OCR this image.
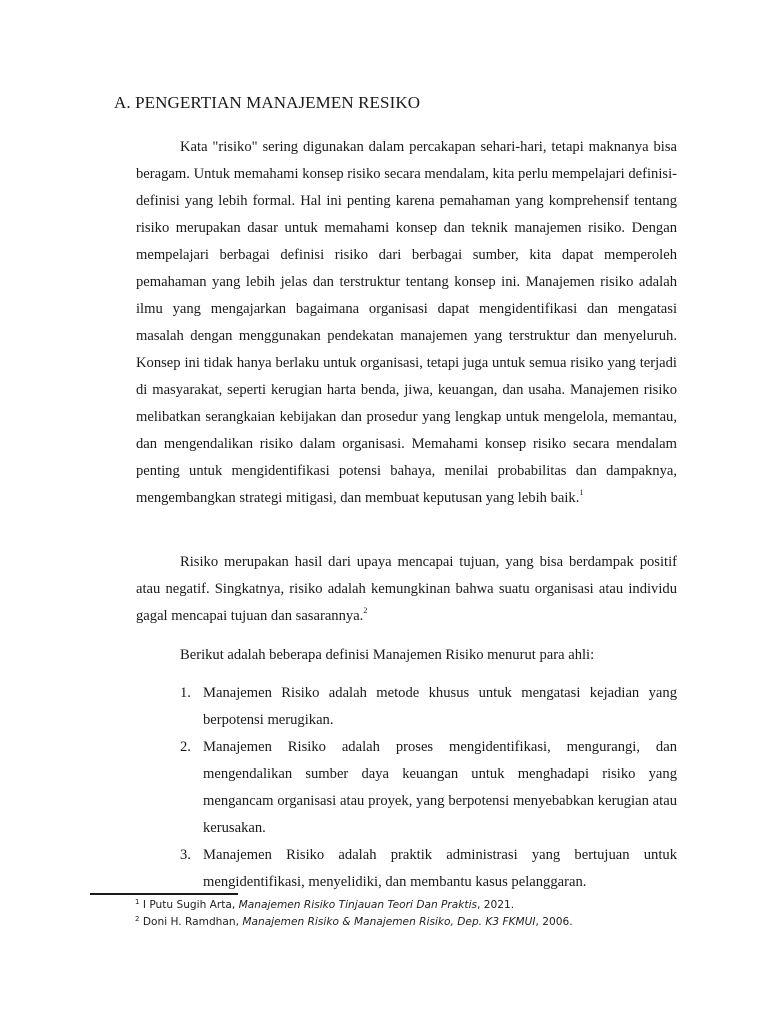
A. PENGERTIAN MANAJEMEN RESIKO

Kata "risiko" sering digunakan dalam percakapan sehari-hari, tetapi maknanya bisa beragam. Untuk memahami konsep risiko secara mendalam, kita perlu mempelajari definisi-definisi yang lebih formal. Hal ini penting karena pemahaman yang komprehensif tentang risiko merupakan dasar untuk memahami konsep dan teknik manajemen risiko. Dengan mempelajari berbagai definisi risiko dari berbagai sumber, kita dapat memperoleh pemahaman yang lebih jelas dan terstruktur tentang konsep ini. Manajemen risiko adalah ilmu yang mengajarkan bagaimana organisasi dapat mengidentifikasi dan mengatasi masalah dengan menggunakan pendekatan manajemen yang terstruktur dan menyeluruh. Konsep ini tidak hanya berlaku untuk organisasi, tetapi juga untuk semua risiko yang terjadi di masyarakat, seperti kerugian harta benda, jiwa, keuangan, dan usaha. Manajemen risiko melibatkan serangkaian kebijakan dan prosedur yang lengkap untuk mengelola, memantau, dan mengendalikan risiko dalam organisasi. Memahami konsep risiko secara mendalam penting untuk mengidentifikasi potensi bahaya, menilai probabilitas dan dampaknya, mengembangkan strategi mitigasi, dan membuat keputusan yang lebih baik.$^1$

Risiko merupakan hasil dari upaya mencapai tujuan, yang bisa berdampak positif atau negatif. Singkatnya, risiko adalah kemungkinan bahwa suatu organisasi atau individu gagal mencapai tujuan dan sasarannya.$^2$

Berikut adalah beberapa definisi Manajemen Risiko menurut para ahli:

1. Manajemen Risiko adalah metode khusus untuk mengatasi kejadian yang berpotensi merugikan.
2. Manajemen Risiko adalah proses mengidentifikasi, mengurangi, dan mengendalikan sumber daya keuangan untuk menghadapi risiko yang mengancam organisasi atau proyek, yang berpotensi menyebabkan kerugian atau kerusakan.
3. Manajemen Risiko adalah praktik administrasi yang bertujuan untuk mengidentifikasi, menyelidiki, dan membantu kasus pelanggaran.
$^1$ I Putu Sugih Arta, Manajemen Risiko Tinjauan Teori Dan Praktis, 2021.
$^2$ Doni H. Ramdhan, Manajemen Risiko & Manajemen Risiko, Dep. K3 FKMUI, 2006.
